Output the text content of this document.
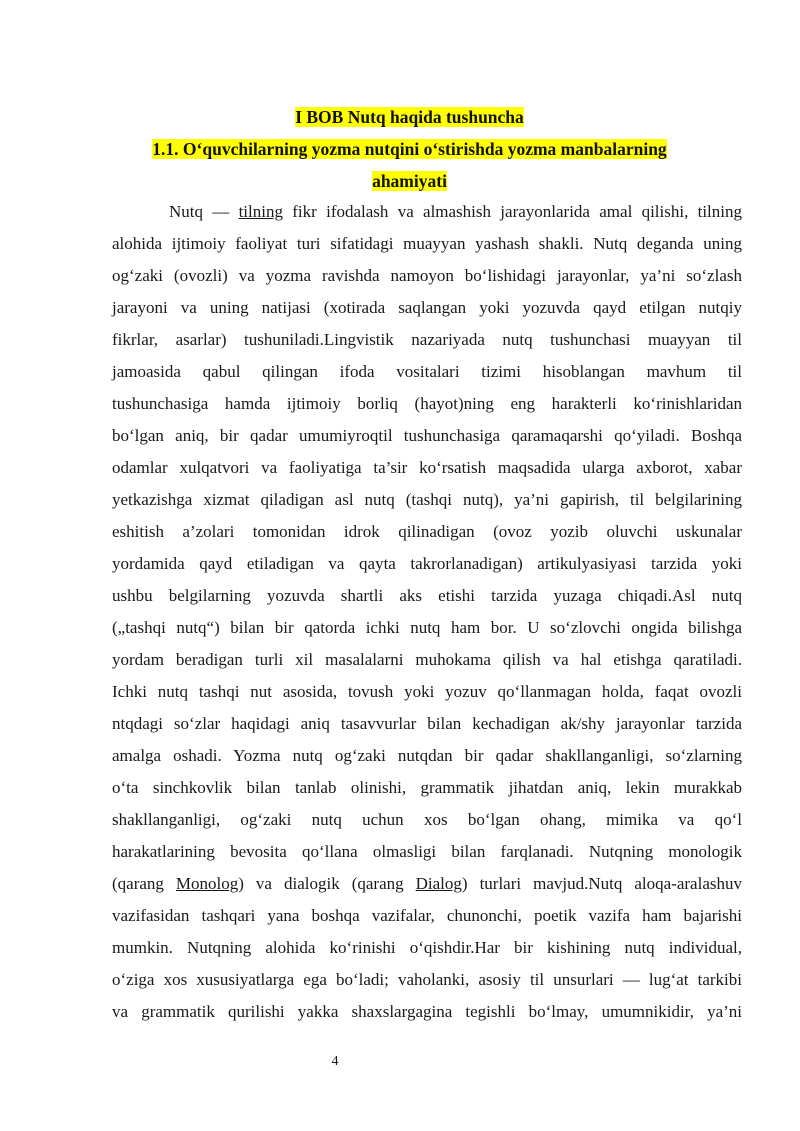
I BOB Nutq haqida tushuncha
1.1. O‘quvchilarning yozma nutqini o‘stirishda yozma manbalarning
ahamiyati
Nutq — tilning fikr ifodalash va almashish jarayonlarida amal qilishi, tilning
alohida ijtimoiy faoliyat turi sifatidagi muayyan yashash shakli. Nutq deganda uning
og‘zaki (ovozli) va yozma ravishda namoyon bo‘lishidagi jarayonlar, ya’ni so‘zlash
jarayoni va uning natijasi (xotirada saqlangan yoki yozuvda qayd etilgan nutqiy
fikrlar, asarlar) tushuniladi.Lingvistik nazariyada nutq tushunchasi muayyan til
jamoasida qabul qilingan ifoda vositalari tizimi hisoblangan mavhum til
tushunchasiga hamda ijtimoiy borliq (hayot)ning eng harakterli ko‘rinishlaridan
bo‘lgan aniq, bir qadar umumiyroqtil tushunchasiga qaramaqarshi qo‘yiladi. Boshqa
odamlar xulqatvori va faoliyatiga ta’sir ko‘rsatish maqsadida ularga axborot, xabar
yetkazishga xizmat qiladigan asl nutq (tashqi nutq), ya’ni gapirish, til belgilarining
eshitish a’zolari tomonidan idrok qilinadigan (ovoz yozib oluvchi uskunalar
yordamida qayd etiladigan va qayta takrorlanadigan) artikulyasiyasi tarzida yoki
ushbu belgilarning yozuvda shartli aks etishi tarzida yuzaga chiqadi.Asl nutq
(„tashqi nutq“) bilan bir qatorda ichki nutq ham bor. U so‘zlovchi ongida bilishga
yordam beradigan turli xil masalalarni muhokama qilish va hal etishga qaratiladi.
Ichki nutq tashqi nut asosida, tovush yoki yozuv qo‘llanmagan holda, faqat ovozli
ntqdagi so‘zlar haqidagi aniq tasavvurlar bilan kechadigan ak/shy jarayonlar tarzida
amalga oshadi. Yozma nutq og‘zaki nutqdan bir qadar shakllanganligi, so‘zlarning
o‘ta sinchkovlik bilan tanlab olinishi, grammatik jihatdan aniq, lekin murakkab
shakllanganligi, og‘zaki nutq uchun xos bo‘lgan ohang, mimika va qo‘l
harakatlarining bevosita qo‘llana olmasligi bilan farqlanadi. Nutqning monologik
(qarang Monolog) va dialogik (qarang Dialog) turlari mavjud.Nutq aloqa-aralashuv
vazifasidan tashqari yana boshqa vazifalar, chunonchi, poetik vazifa ham bajarishi
mumkin. Nutqning alohida ko‘rinishi o‘qishdir.Har bir kishining nutq individual,
o‘ziga xos xususiyatlarga ega bo‘ladi; vaholanki, asosiy til unsurlari — lug‘at tarkibi
va grammatik qurilishi yakka shaxslargagina tegishli bo‘lmay, umumnikidir, ya’ni
4
